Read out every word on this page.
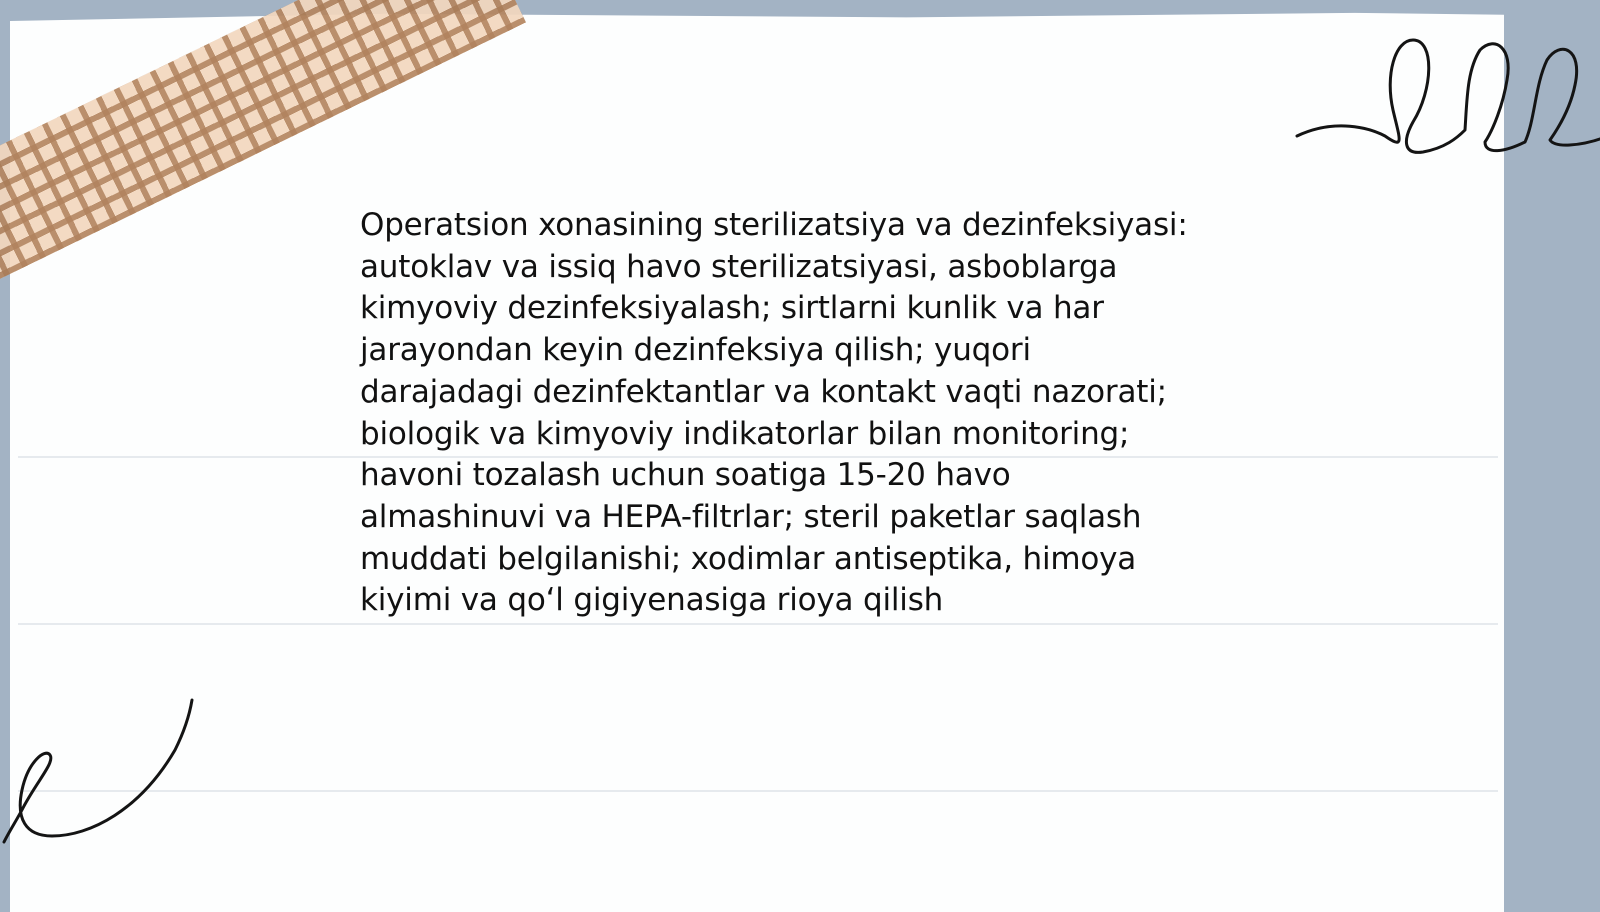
Operatsion xonasining sterilizatsiya va dezinfeksiyasi:
autoklav va issiq havo sterilizatsiyasi, asboblarga
kimyoviy dezinfeksiyalash; sirtlarni kunlik va har
jarayondan keyin dezinfeksiya qilish; yuqori
darajadagi dezinfektantlar va kontakt vaqti nazorati;
biologik va kimyoviy indikatorlar bilan monitoring;
havoni tozalash uchun soatiga 15-20 havo
almashinuvi va HEPA-filtrlar; steril paketlar saqlash
muddati belgilanishi; xodimlar antiseptika, himoya
kiyimi va qo‘l gigiyenasiga rioya qilish
